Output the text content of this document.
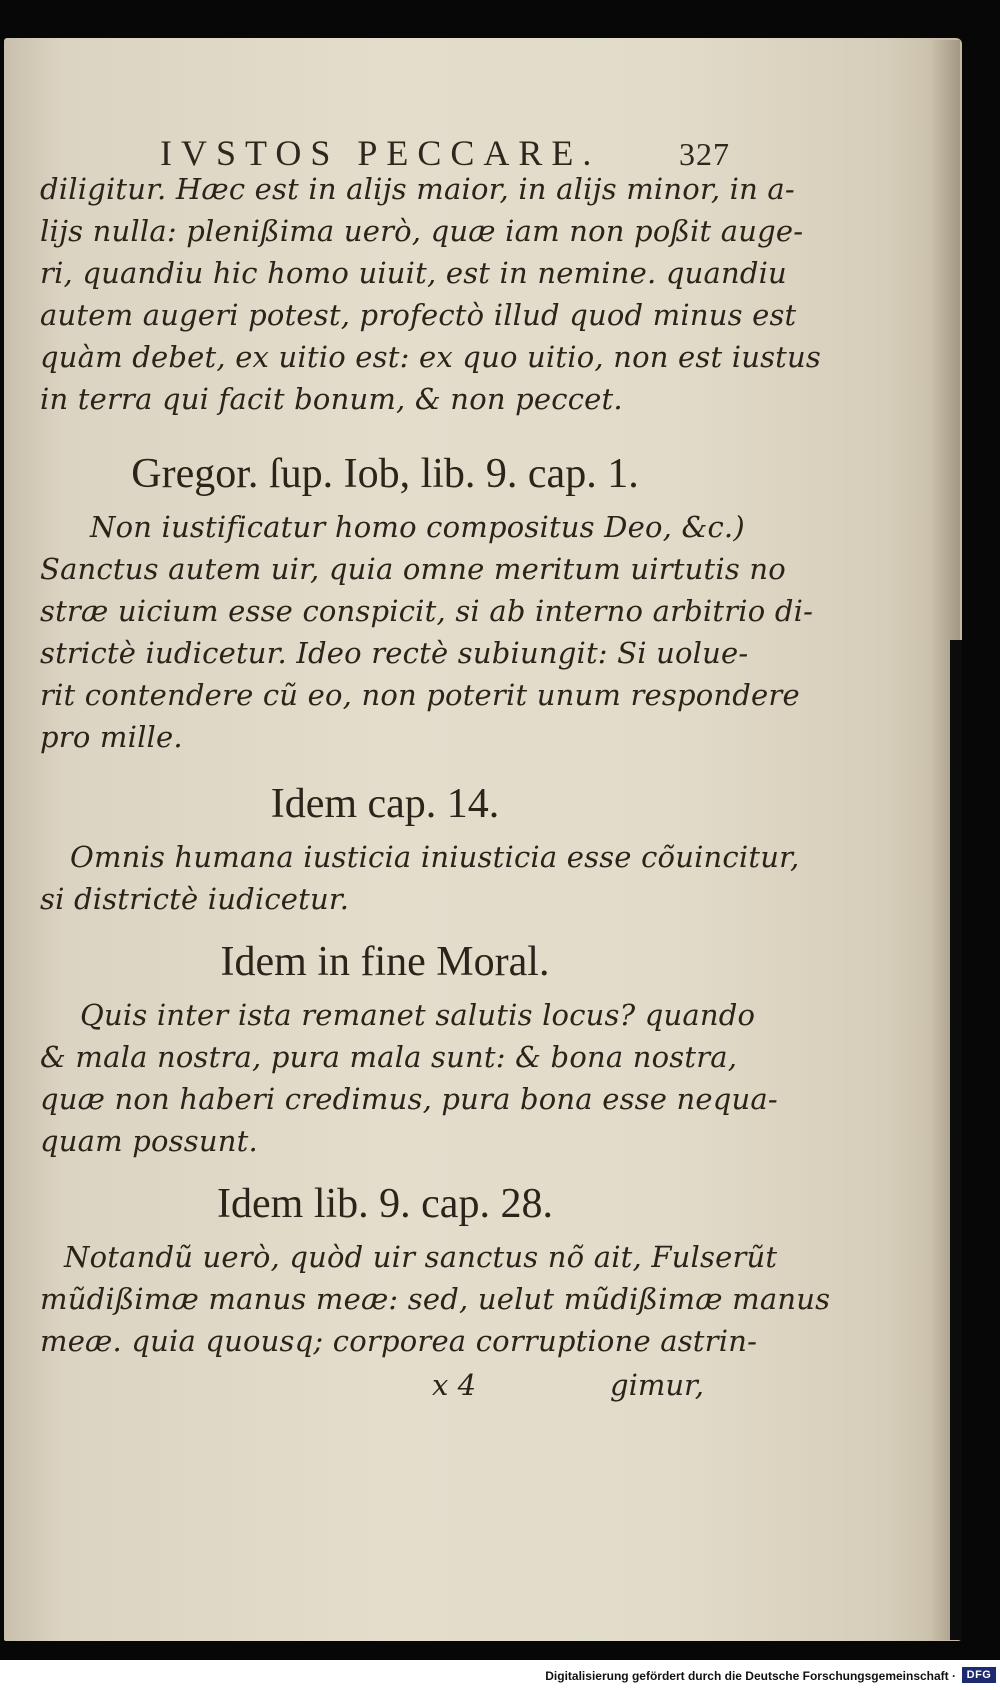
IVSTOS PECCARE. 327
diligitur. Hæc est in alijs maior, in alijs minor, in a-
lijs nulla: plenißima uerò, quæ iam non poßit auge-
ri, quandiu hic homo uiuit, est in nemine. quandiu
autem augeri potest, profectò illud quod minus est
quàm debet, ex uitio est: ex quo uitio, non est iustus
in terra qui facit bonum, & non peccet.
Gregor. ſup. Iob, lib. 9. cap. 1.
Non iustificatur homo compositus Deo, &c.)
Sanctus autem uir, quia omne meritum uirtutis no
stræ uicium esse conspicit, si ab interno arbitrio di-
strictè iudicetur. Ideo rectè subiungit: Si uolue-
rit contendere cũ eo, non poterit unum respondere
pro mille.
Idem cap. 14.
Omnis humana iusticia iniusticia esse cõuincitur,
si districtè iudicetur.
Idem in fine Moral.
Quis inter ista remanet salutis locus? quando
& mala nostra, pura mala sunt: & bona nostra,
quæ non haberi credimus, pura bona esse nequa-
quam possunt.
Idem lib. 9. cap. 28.
Notandũ uerò, quòd uir sanctus nõ ait, Fulserũt
mũdißimæ manus meæ: sed, uelut mũdißimæ manus
meæ. quia quousq; corporea corruptione astrin-
x 4	gimur,
Digitalisierung gefördert durch die Deutsche Forschungsgemeinschaft · DFG
